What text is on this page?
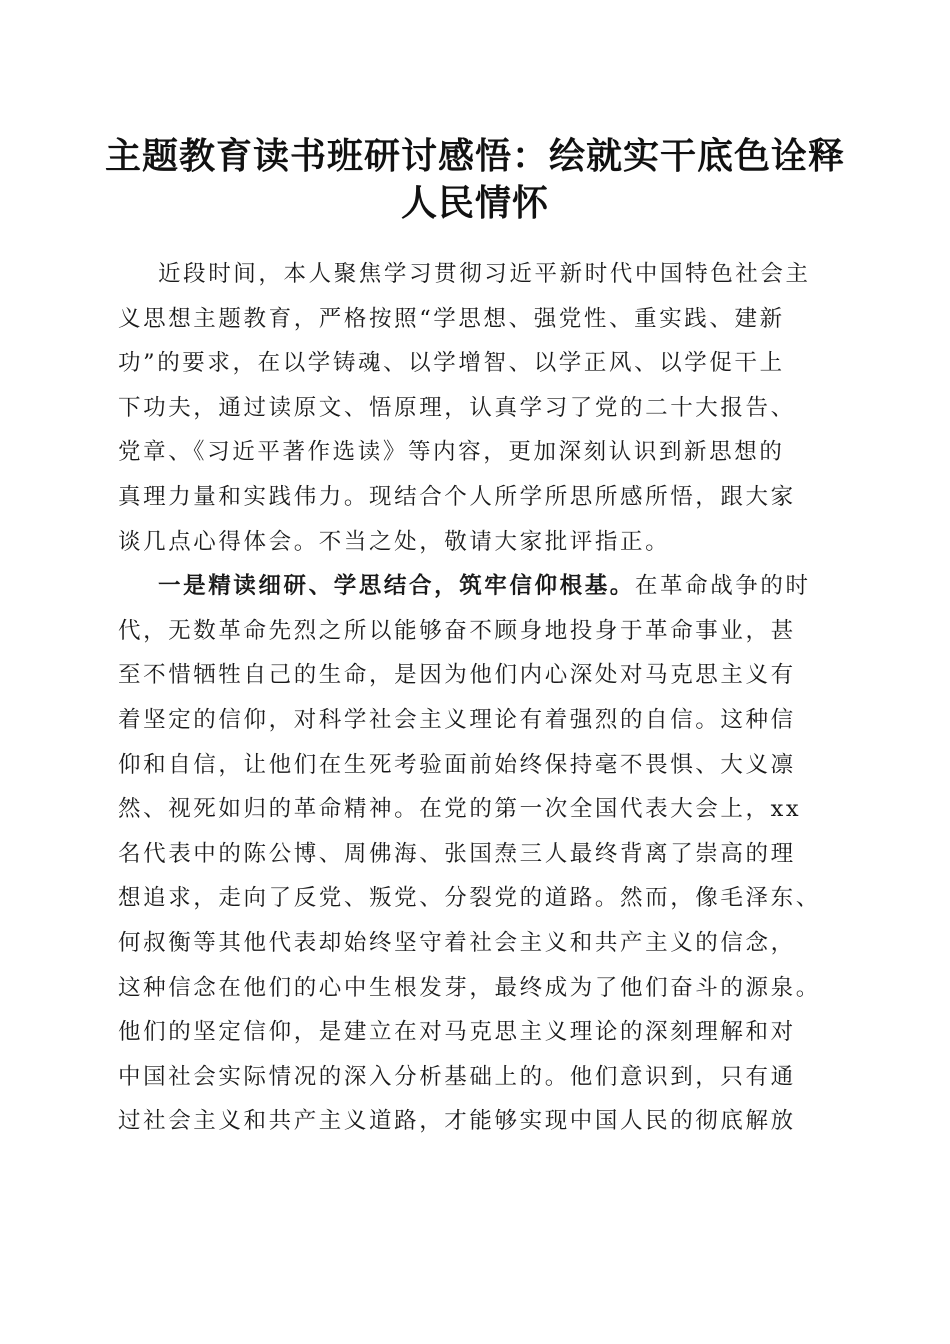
主题教育读书班研讨感悟：绘就实干底色诠释
人民情怀
近段时间，本人聚焦学习贯彻习近平新时代中国特色社会主
义思想主题教育，严格按照“学思想、强党性、重实践、建新
功”的要求，在以学铸魂、以学增智、以学正风、以学促干上
下功夫，通过读原文、悟原理，认真学习了党的二十大报告、
党章、《习近平著作选读》等内容，更加深刻认识到新思想的
真理力量和实践伟力。现结合个人所学所思所感所悟，跟大家
谈几点心得体会。不当之处，敬请大家批评指正。
一是精读细研、学思结合，筑牢信仰根基。在革命战争的时
代，无数革命先烈之所以能够奋不顾身地投身于革命事业，甚
至不惜牺牲自己的生命，是因为他们内心深处对马克思主义有
着坚定的信仰，对科学社会主义理论有着强烈的自信。这种信
仰和自信，让他们在生死考验面前始终保持毫不畏惧、大义凛
然、视死如归的革命精神。在党的第一次全国代表大会上，xx
名代表中的陈公博、周佛海、张国焘三人最终背离了崇高的理
想追求，走向了反党、叛党、分裂党的道路。然而，像毛泽东、
何叔衡等其他代表却始终坚守着社会主义和共产主义的信念，
这种信念在他们的心中生根发芽，最终成为了他们奋斗的源泉。
他们的坚定信仰，是建立在对马克思主义理论的深刻理解和对
中国社会实际情况的深入分析基础上的。他们意识到，只有通
过社会主义和共产主义道路，才能够实现中国人民的彻底解放
